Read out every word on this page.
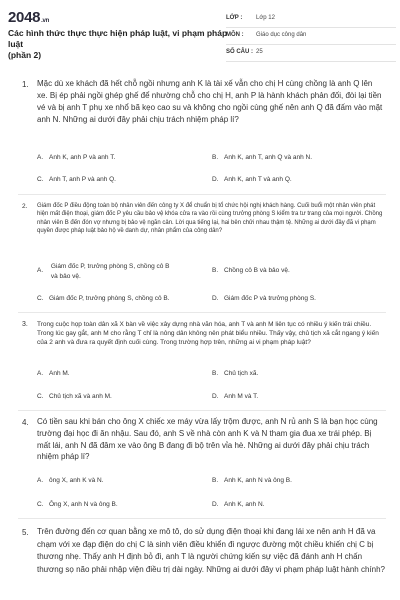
2048.vn
Các hình thức thực thực hiện pháp luật, vi phạm pháp luật
(phần 2)
LỚP : Lớp 12
MÔN : Giáo dục công dân
SỐ CÂU : 25
1. Mặc dù xe khách đã hết chỗ ngồi nhưng anh K là tài xế vẫn cho chị H cùng chồng là anh Q lên xe. Bị ép phải ngồi ghép ghế để nhường chỗ cho chị H, anh P là hành khách phản đối, đòi lại tiền vé và bị anh T phụ xe nhổ bã kẹo cao su và không cho ngồi cùng ghế nên anh Q đã đấm vào mặt anh N. Những ai dưới đây phải chịu trách nhiệm pháp lí?
A. Anh K, anh P và anh T.	B. Anh K, anh T, anh Q và anh N.
C. Anh T, anh P và anh Q.	D. Anh K, anh T và anh Q.
2. Giám đốc P điều động toàn bộ nhân viên đến công ty X để chuẩn bị tổ chức hội nghị khách hàng. Cuối buổi một nhân viên phát hiện mất điện thoại, giám đốc P yêu cầu bảo vệ khóa cửa ra vào rồi cùng trưởng phòng S kiểm tra tư trang của mọi người. Chồng nhân viên B đến đón vợ nhưng bị bảo vệ ngăn cản. Lời qua tiếng lại, hai bên chửi nhau thậm tệ. Những ai dưới đây đã vi phạm quyền được pháp luật bảo hộ về danh dự, nhân phẩm của công dân?
A. Giám đốc P, trưởng phòng S, chồng cô B
và bảo vệ.
B. Chồng cô B và bảo vệ.
C. Giám đốc P, trưởng phòng S, chồng cô B.	D. Giám đốc P và trưởng phòng S.
3. Trong cuộc họp toàn dân xã X bàn về việc xây dựng nhà văn hóa, anh T và anh M liên tục có nhiều ý kiến trái chiều. Trong lúc gay gắt, anh M cho rằng T chỉ là nông dân không nên phát biểu nhiều. Thấy vậy, chủ tịch xã cắt ngang ý kiến của 2 anh và đưa ra quyết định cuối cùng. Trong trường hợp trên, những ai vi phạm pháp luật?
A. Anh M.	B. Chủ tịch xã.
C. Chủ tịch xã và anh M.	D. Anh M và T.
4. Có tiền sau khi bán cho ông X chiếc xe máy vừa lấy trộm được, anh N rủ anh S là bạn học cùng trường đại học đi ăn nhậu. Sau đó, anh S về nhà còn anh K và N tham gia đua xe trái phép. Bị mất lái, anh N đã đâm xe vào ông B đang đi bộ trên vỉa hè. Những ai dưới đây phải chịu trách nhiệm pháp lí?
A. ông X, anh K và N.	B. Anh K, anh N và ông B.
C. Ông X, anh N và ông B.	D. Anh K, anh N.
5. Trên đường đến cơ quan bằng xe mô tô, do sử dụng điện thoại khi đang lái xe nên anh H đã va chạm với xe đạp điện do chị C là sinh viên điều khiển đi ngược đường một chiều khiến chị C bị thương nhẹ. Thấy anh H định bỏ đi, anh T là người chứng kiến sự việc đã đánh anh H chấn thương sọ não phải nhập viện điều trị dài ngày. Những ai dưới đây vi phạm pháp luật hành chính?
